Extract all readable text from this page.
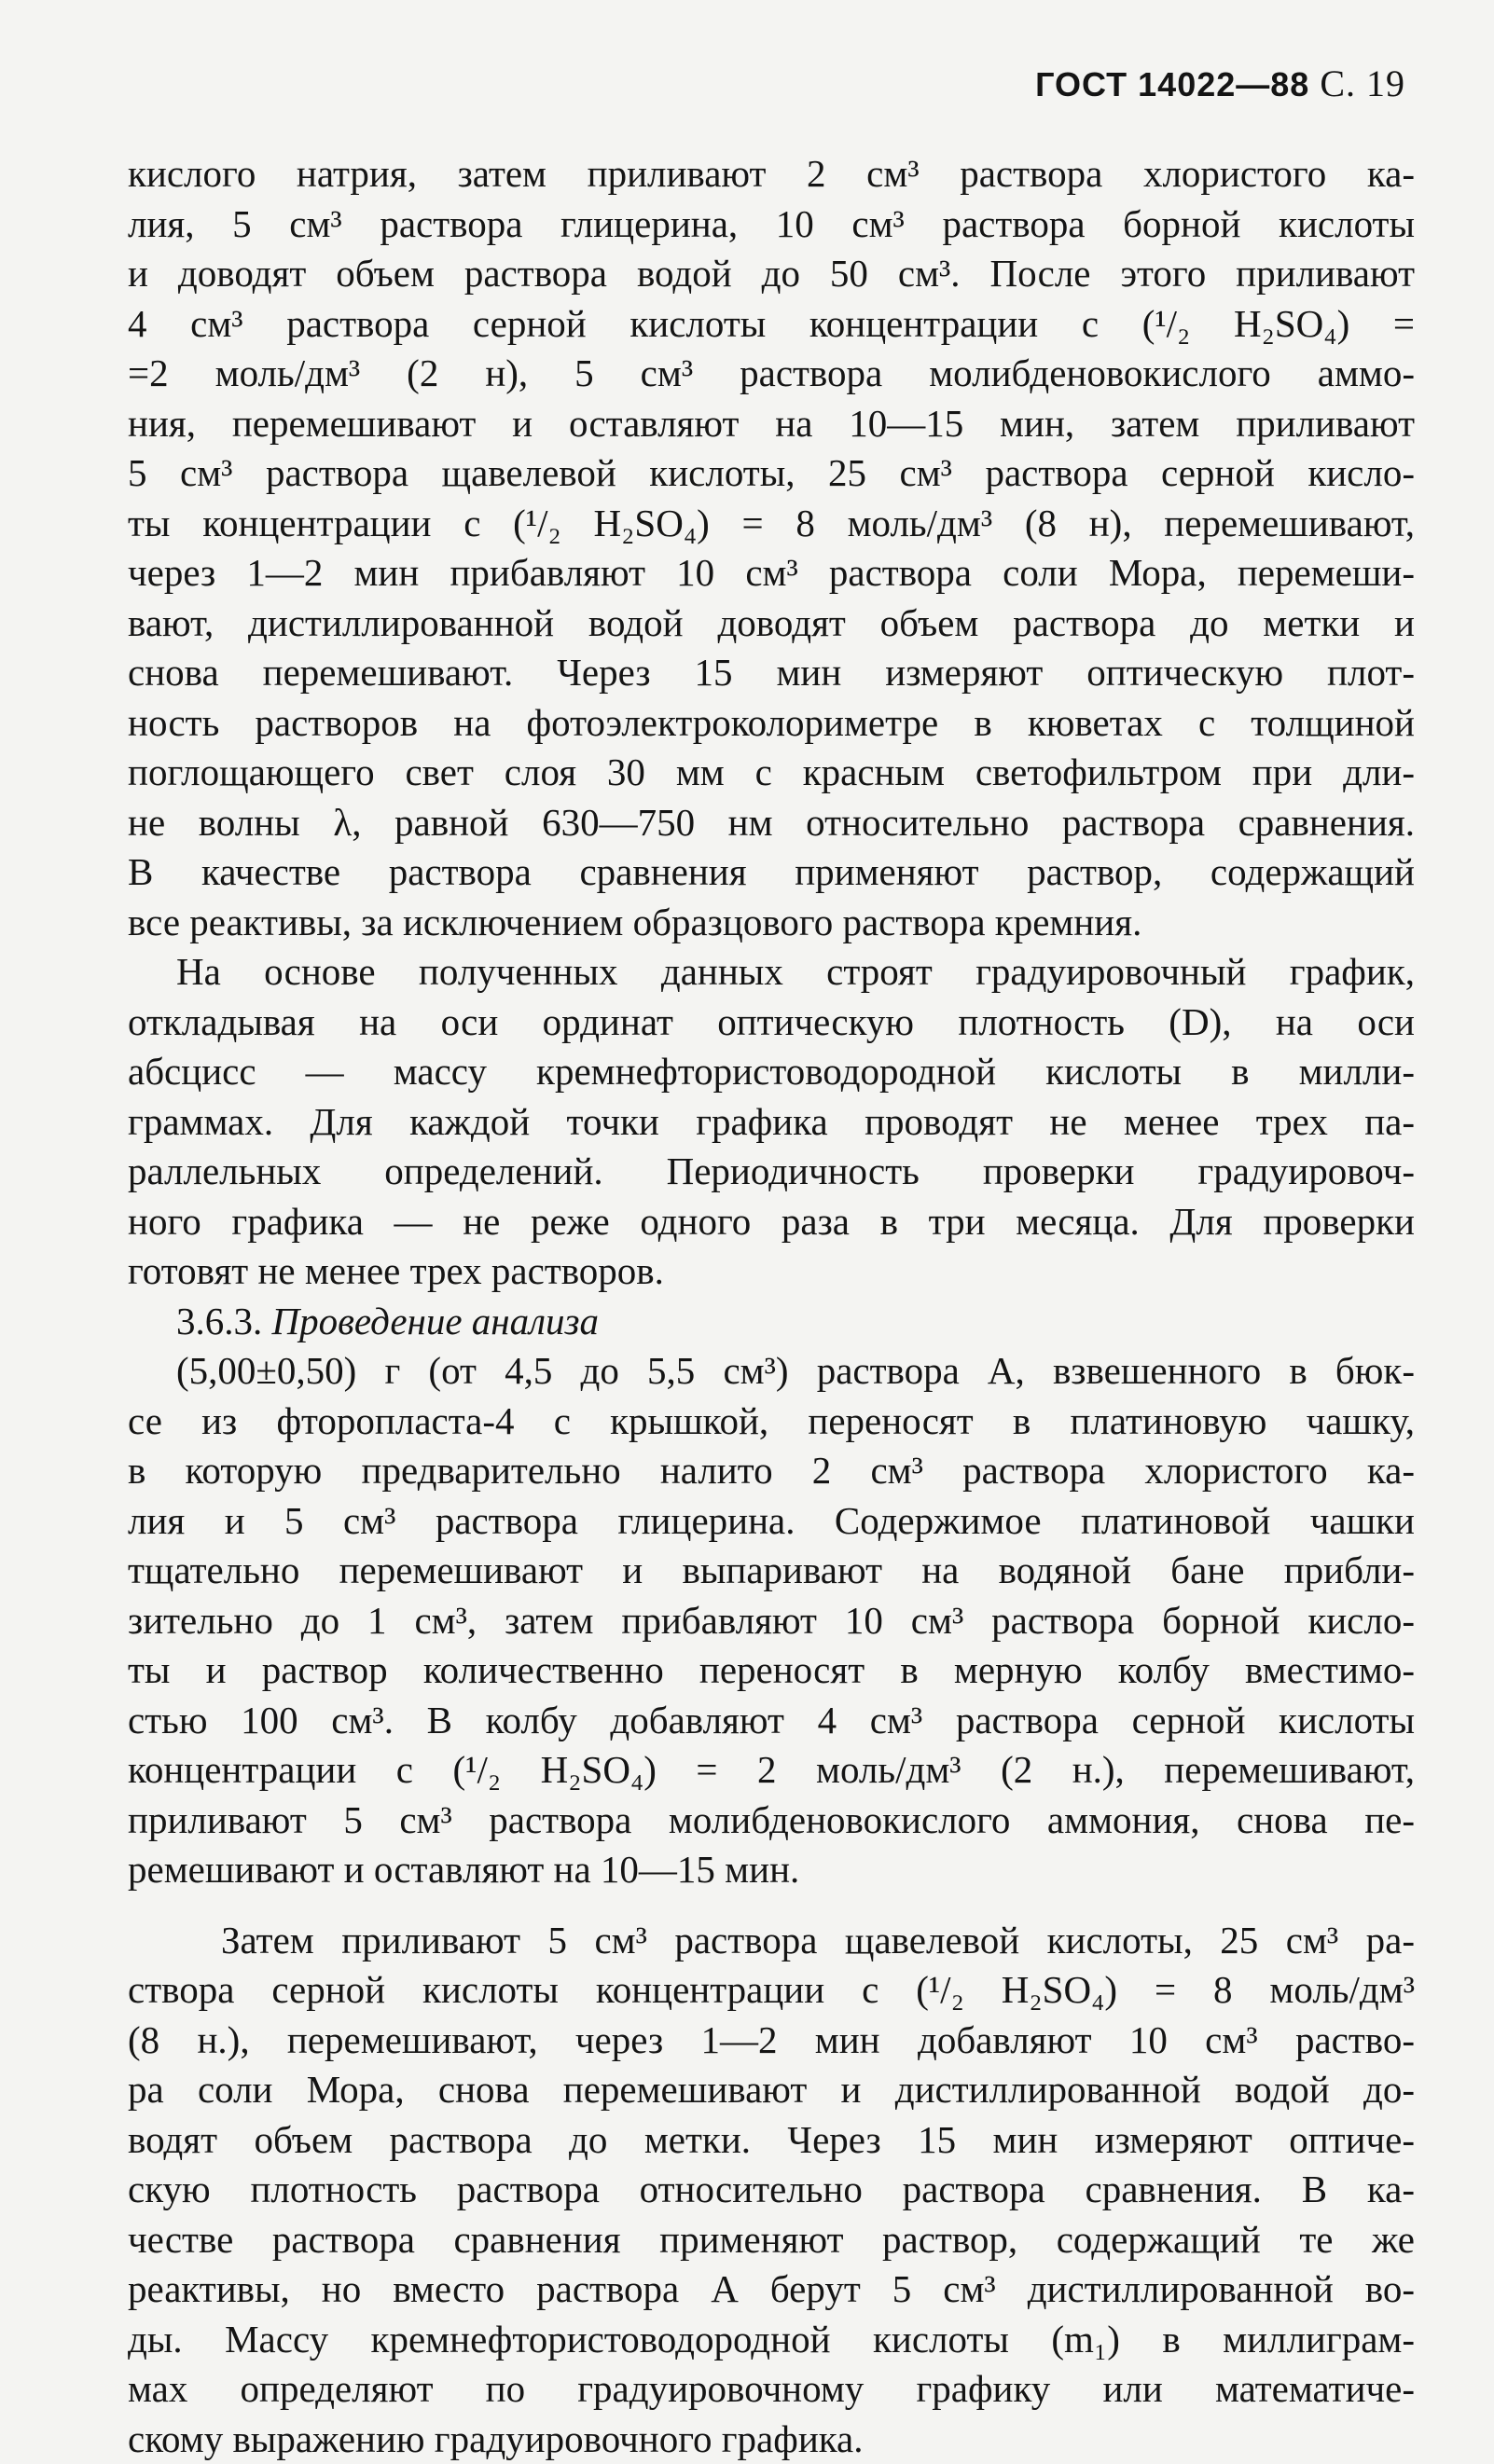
ГОСТ 14022—88 С. 19
кислого натрия, затем приливают 2 см³ раствора хлористого ка-
лия, 5 см³ раствора глицерина, 10 см³ раствора борной кислоты
и доводят объем раствора водой до 50 см³. После этого приливают
4 см³ раствора серной кислоты концентрации с (¹/₂ H₂SO₄) =
=2 моль/дм³ (2 н), 5 см³ раствора молибденовокислого аммо-
ния, перемешивают и оставляют на 10—15 мин, затем приливают
5 см³ раствора щавелевой кислоты, 25 см³ раствора серной кисло-
ты концентрации с (¹/₂ H₂SO₄) = 8 моль/дм³ (8 н), перемешивают,
через 1—2 мин прибавляют 10 см³ раствора соли Мора, перемеши-
вают, дистиллированной водой доводят объем раствора до метки и
снова перемешивают. Через 15 мин измеряют оптическую плот-
ность растворов на фотоэлектроколориметре в кюветах с толщиной
поглощающего свет слоя 30 мм с красным светофильтром при дли-
не волны λ, равной 630—750 нм относительно раствора сравнения.
В качестве раствора сравнения применяют раствор, содержащий
все реактивы, за исключением образцового раствора кремния.
На основе полученных данных строят градуировочный график,
откладывая на оси ординат оптическую плотность (D), на оси
абсцисс — массу кремнефтористоводородной кислоты в милли-
граммах. Для каждой точки графика проводят не менее трех па-
раллельных определений. Периодичность проверки градуировоч-
ного графика — не реже одного раза в три месяца. Для проверки
готовят не менее трех растворов.
3.6.3. Проведение анализа
(5,00±0,50) г (от 4,5 до 5,5 см³) раствора А, взвешенного в бюк-
се из фторопласта-4 с крышкой, переносят в платиновую чашку,
в которую предварительно налито 2 см³ раствора хлористого ка-
лия и 5 см³ раствора глицерина. Содержимое платиновой чашки
тщательно перемешивают и выпаривают на водяной бане прибли-
зительно до 1 см³, затем прибавляют 10 см³ раствора борной кисло-
ты и раствор количественно переносят в мерную колбу вместимо-
стью 100 см³. В колбу добавляют 4 см³ раствора серной кислоты
концентрации с (¹/₂ H₂SO₄) = 2 моль/дм³ (2 н.), перемешивают,
приливают 5 см³ раствора молибденовокислого аммония, снова пе-
ремешивают и оставляют на 10—15 мин.
Затем приливают 5 см³ раствора щавелевой кислоты, 25 см³ ра-
створа серной кислоты концентрации с (¹/₂ H₂SO₄) = 8 моль/дм³
(8 н.), перемешивают, через 1—2 мин добавляют 10 см³ раство-
ра соли Мора, снова перемешивают и дистиллированной водой до-
водят объем раствора до метки. Через 15 мин измеряют оптиче-
скую плотность раствора относительно раствора сравнения. В ка-
честве раствора сравнения применяют раствор, содержащий те же
реактивы, но вместо раствора А берут 5 см³ дистиллированной во-
ды. Массу кремнефтористоводородной кислоты (m₁) в миллиграм-
мах определяют по градуировочному графику или математиче-
скому выражению градуировочного графика.
